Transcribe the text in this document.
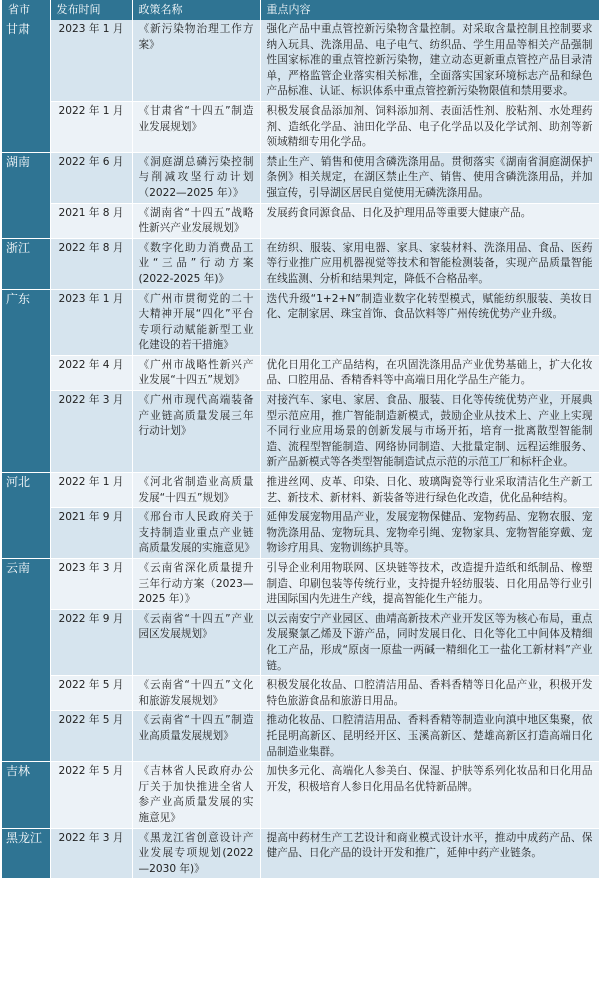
省市	发布时间	政策名称	重点内容
甘肃	2023 年 1 月	《新污染物治理工作方案》	强化产品中重点管控新污染物含量控制。对采取含量控制且控制要求纳入玩具、洗涤用品、电子电气、纺织品、学生用品等相关产品强制性国家标准的重点管控新污染物，建立动态更新重点管控产品目录清单，严格监管企业落实相关标准，全面落实国家环境标志产品和绿色产品标准、认证、标识体系中重点管控新污染物限值和禁用要求。
	2022 年 1 月	《甘肃省“十四五”制造业发展规划》	积极发展食品添加剂、饲料添加剂、表面活性剂、胶粘剂、水处理药剂、造纸化学品、油田化学品、电子化学品以及化学试剂、助剂等新领域精细专用化学品。
湖南	2022 年 6 月	《洞庭湖总磷污染控制与削减攻坚行动计划（2022—2025 年）》	禁止生产、销售和使用含磷洗涤用品。贯彻落实《湖南省洞庭湖保护条例》相关规定，在湖区禁止生产、销售、使用含磷洗涤用品，并加强宣传，引导湖区居民自觉使用无磷洗涤用品。
	2021 年 8 月	《湖南省“十四五”战略性新兴产业发展规划》	发展药食同源食品、日化及护理用品等重要大健康产品。
浙江	2022 年 8 月	《数字化助力消费品工业“三品”行动方案(2022-2025 年)》	在纺织、服装、家用电器、家具、家装材料、洗涤用品、食品、医药等行业推广应用机器视觉等技术和智能检测装备，实现产品质量智能在线监测、分析和结果判定，降低不合格品率。
广东	2023 年 1 月	《广州市贯彻党的二十大精神开展“四化”平台专项行动赋能新型工业化建设的若干措施》	迭代升级“1+2+N”制造业数字化转型模式，赋能纺织服装、美妆日化、定制家居、珠宝首饰、食品饮料等广州传统优势产业升级。
	2022 年 4 月	《广州市战略性新兴产业发展“十四五”规划》	优化日用化工产品结构，在巩固洗涤用品产业优势基础上，扩大化妆品、口腔用品、香精香料等中高端日用化学品生产能力。
	2022 年 3 月	《广州市现代高端装备产业链高质量发展三年行动计划》	对接汽车、家电、家居、食品、服装、日化等传统优势产业，开展典型示范应用，推广智能制造新模式，鼓励企业从技术上、产业上实现不同行业应用场景的创新发展与市场开拓，培育一批离散型智能制造、流程型智能制造、网络协同制造、大批量定制、远程运维服务、新产品新模式等各类型智能制造试点示范的示范工厂和标杆企业。
河北	2022 年 1 月	《河北省制造业高质量发展“十四五”规划》	推进丝网、皮革、印染、日化、玻璃陶瓷等行业采取清洁化生产新工艺、新技术、新材料、新装备等进行绿色化改造，优化品种结构。
	2021 年 9 月	《邢台市人民政府关于支持制造业重点产业链高质量发展的实施意见》	延伸发展宠物用品产业，发展宠物保健品、宠物药品、宠物农服、宠物洗涤用品、宠物玩具、宠物牵引绳、宠物家具、宠物智能穿戴、宠物诊疗用具、宠物训练护具等。
云南	2023 年 3 月	《云南省深化质量提升三年行动方案（2023—2025 年）》	引导企业利用物联网、区块链等技术，改造提升造纸和纸制品、橡塑制造、印刷包装等传统行业，支持提升轻纺服装、日化用品等行业引进国际国内先进生产线，提高智能化生产能力。
	2022 年 9 月	《云南省“十四五”产业园区发展规划》	以云南安宁产业园区、曲靖高新技术产业开发区等为核心布局，重点发展聚氯乙烯及下游产品，同时发展日化、日化等化工中间体及精细化工产品，形成“原卤一原盐一两碱一精细化工一盐化工新材料”产业链。
	2022 年 5 月	《云南省“十四五”文化和旅游发展规划》	积极发展化妆品、口腔清洁用品、香料香精等日化品产业，积极开发特色旅游食品和旅游日用品。
	2022 年 5 月	《云南省“十四五”制造业高质量发展规划》	推动化妆品、口腔清洁用品、香料香精等制造业向滇中地区集聚，依托昆明高新区、昆明经开区、玉溪高新区、楚雄高新区打造高端日化品制造业集群。
吉林	2022 年 5 月	《吉林省人民政府办公厅关于加快推进全省人参产业高质量发展的实施意见》	加快多元化、高端化人参美白、保湿、护肤等系列化妆品和日化用品开发，积极培育人参日化用品名优特新品牌。
黑龙江	2022 年 3 月	《黑龙江省创意设计产业发展专项规划(2022—2030 年)》	提高中药材生产工艺设计和商业模式设计水平，推动中成药产品、保健产品、日化产品的设计开发和推广，延伸中药产业链条。
